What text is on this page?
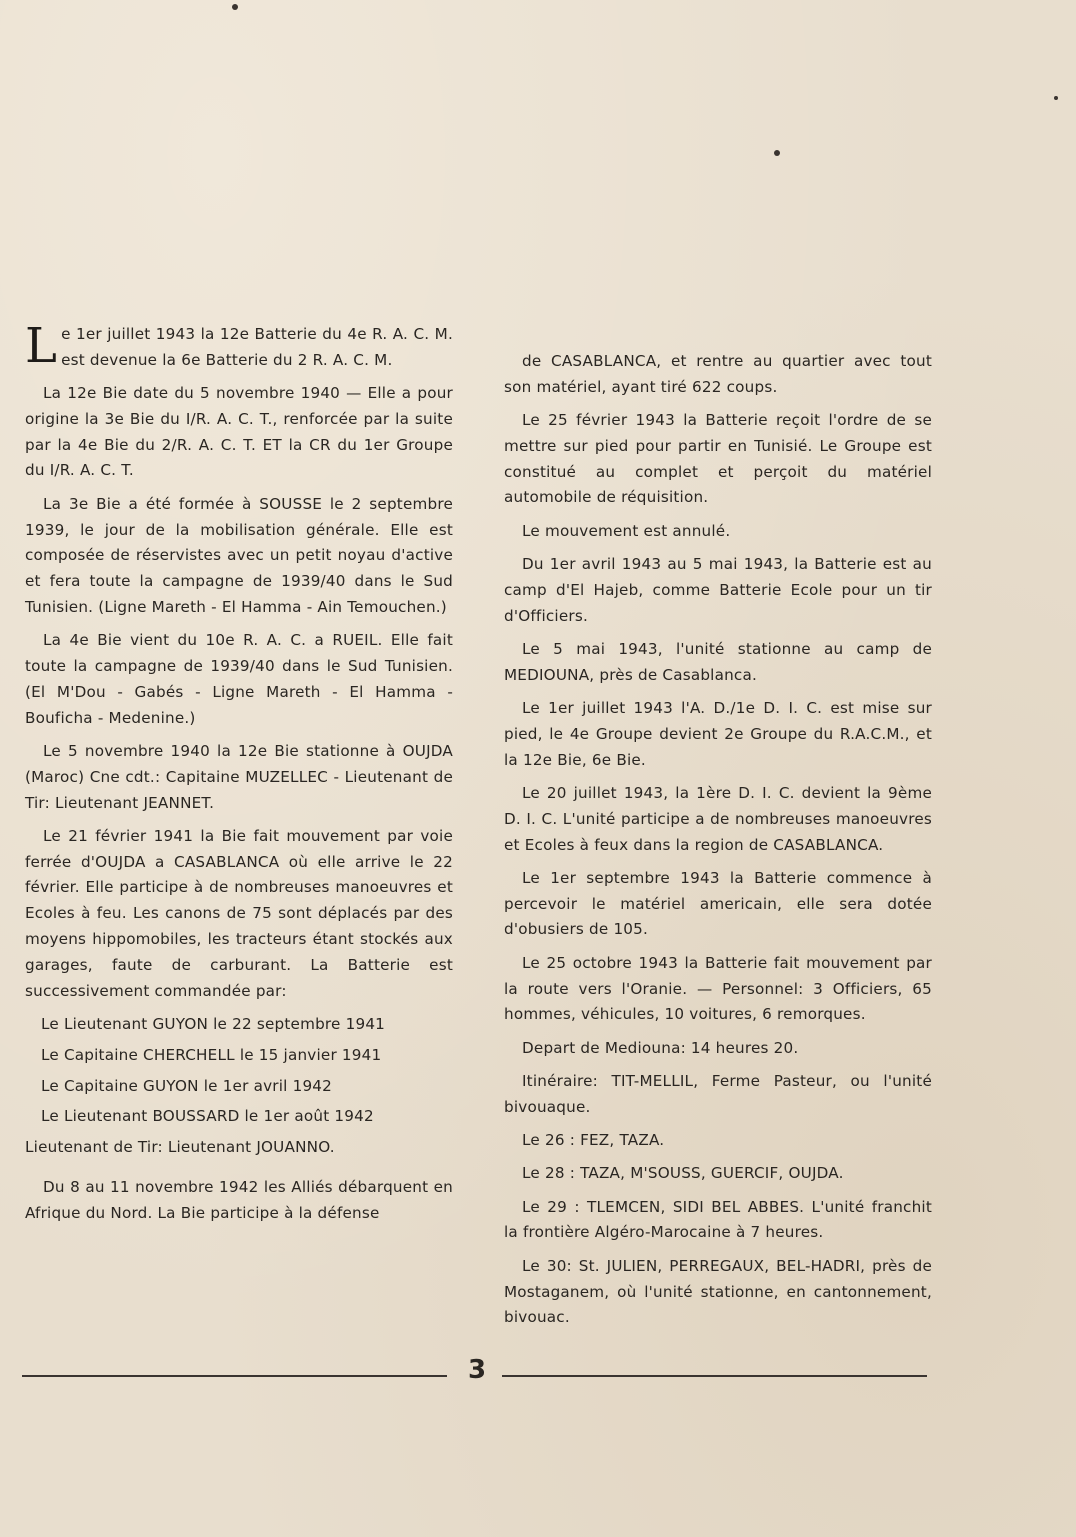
Le 1er juillet 1943 la 12e Batterie du 4e R. A. C. M. est devenue la 6e Batterie du 2 R. A. C. M.

La 12e Bie date du 5 novembre 1940 — Elle a pour origine la 3e Bie du I/R. A. C. T., renforcée par la suite par la 4e Bie du 2/R. A. C. T. ET la CR du 1er Groupe du I/R. A. C. T.

La 3e Bie a été formée à SOUSSE le 2 septembre 1939, le jour de la mobilisation générale. Elle est composée de réservistes avec un petit noyau d'active et fera toute la campagne de 1939/40 dans le Sud Tunisien. (Ligne Mareth - El Hamma - Ain Temouchen.)

La 4e Bie vient du 10e R. A. C. a RUEIL. Elle fait toute la campagne de 1939/40 dans le Sud Tunisien. (El M'Dou - Gabés - Ligne Mareth - El Hamma - Bouficha - Medenine.)

Le 5 novembre 1940 la 12e Bie stationne à OUJDA (Maroc) Cne cdt.: Capitaine MUZELLEC - Lieutenant de Tir: Lieutenant JEANNET.

Le 21 février 1941 la Bie fait mouvement par voie ferrée d'OUJDA a CASABLANCA où elle arrive le 22 février. Elle participe à de nombreuses manoeuvres et Ecoles à feu. Les canons de 75 sont déplacés par des moyens hippomobiles, les tracteurs étant stockés aux garages, faute de carburant. La Batterie est successivement commandée par:

Le Lieutenant GUYON le 22 septembre 1941

Le Capitaine CHERCHELL le 15 janvier 1941

Le Capitaine GUYON le 1er avril 1942

Le Lieutenant BOUSSARD le 1er août 1942

Lieutenant de Tir: Lieutenant JOUANNO.

Du 8 au 11 novembre 1942 les Alliés débarquent en Afrique du Nord. La Bie participe à la défense

de CASABLANCA, et rentre au quartier avec tout son matériel, ayant tiré 622 coups.

Le 25 février 1943 la Batterie reçoit l'ordre de se mettre sur pied pour partir en Tunisié. Le Groupe est constitué au complet et perçoit du matériel automobile de réquisition.

Le mouvement est annulé.

Du 1er avril 1943 au 5 mai 1943, la Batterie est au camp d'El Hajeb, comme Batterie Ecole pour un tir d'Officiers.

Le 5 mai 1943, l'unité stationne au camp de MEDIOUNA, près de Casablanca.

Le 1er juillet 1943 l'A. D./1e D. I. C. est mise sur pied, le 4e Groupe devient 2e Groupe du R.A.C.M., et la 12e Bie, 6e Bie.

Le 20 juillet 1943, la 1ère D. I. C. devient la 9ème D. I. C. L'unité participe a de nombreuses manoeuvres et Ecoles à feux dans la region de CASABLANCA.

Le 1er septembre 1943 la Batterie commence à percevoir le matériel americain, elle sera dotée d'obusiers de 105.

Le 25 octobre 1943 la Batterie fait mouvement par la route vers l'Oranie. — Personnel: 3 Officiers, 65 hommes, véhicules, 10 voitures, 6 remorques.

Depart de Mediouna: 14 heures 20.

Itinéraire: TIT-MELLIL, Ferme Pasteur, ou l'unité bivouaque.

Le 26 : FEZ, TAZA.

Le 28 : TAZA, M'SOUSS, GUERCIF, OUJDA.

Le 29 : TLEMCEN, SIDI BEL ABBES. L'unité franchit la frontière Algéro-Marocaine à 7 heures.

Le 30: St. JULIEN, PERREGAUX, BEL-HADRI, près de Mostaganem, où l'unité stationne, en cantonnement, bivouac.

3
